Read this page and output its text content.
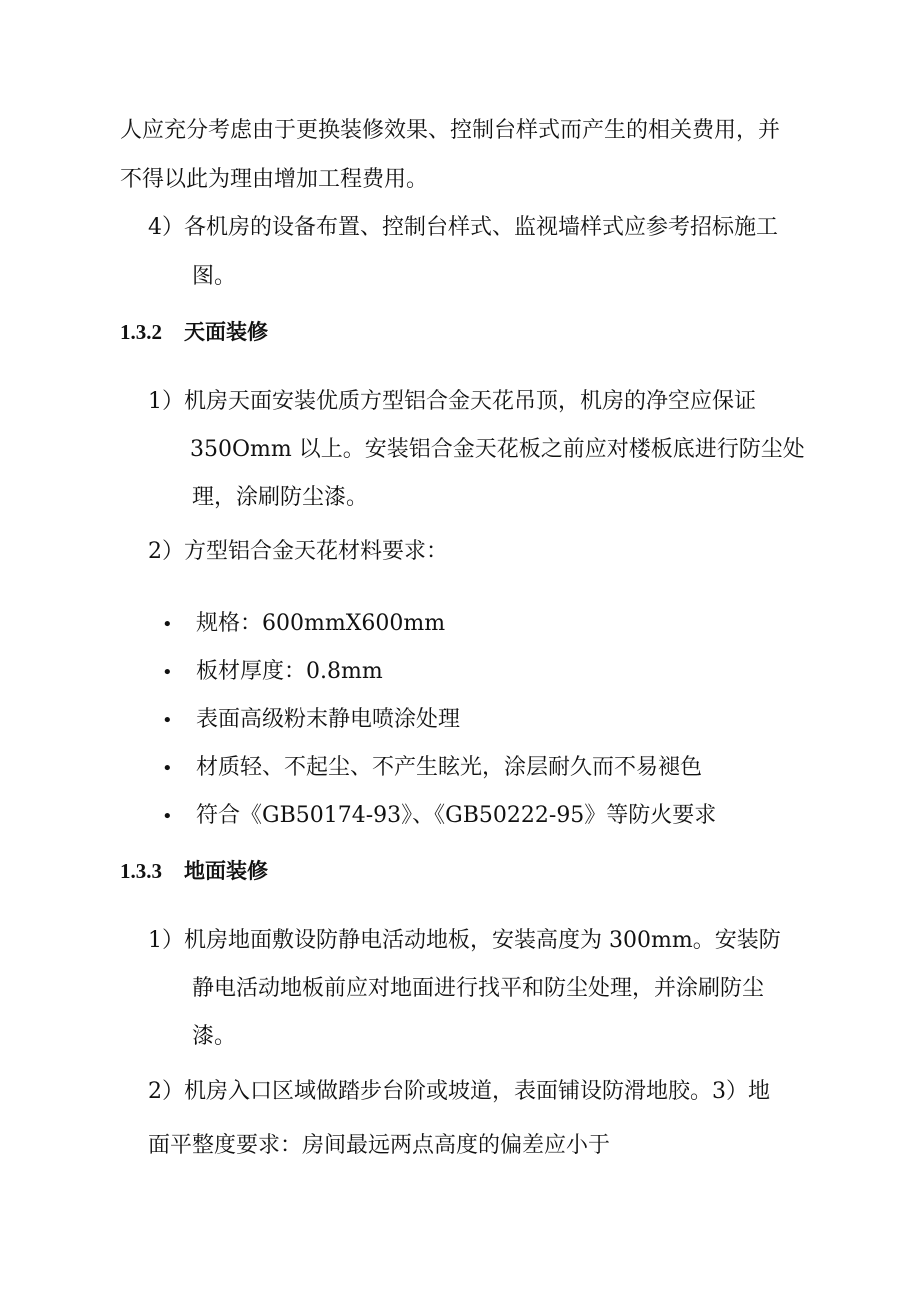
人应充分考虑由于更换装修效果、控制台样式而产生的相关费用，并
不得以此为理由增加工程费用。
4）各机房的设备布置、控制台样式、监视墙样式应参考招标施工
图。
1.3.2 天面装修
1）机房天面安装优质方型铝合金天花吊顶，机房的净空应保证
350Omm 以上。安装铝合金天花板之前应对楼板底进行防尘处
理，涂刷防尘漆。
2）方型铝合金天花材料要求：
• 规格：600mmX600mm
• 板材厚度：0.8mm
• 表面高级粉末静电喷涂处理
• 材质轻、不起尘、不产生眩光，涂层耐久而不易褪色
• 符合《GB50174-93》、《GB50222-95》等防火要求
1.3.3 地面装修
1）机房地面敷设防静电活动地板，安装高度为 300mm。安装防
静电活动地板前应对地面进行找平和防尘处理，并涂刷防尘
漆。
2）机房入口区域做踏步台阶或坡道，表面铺设防滑地胶。3）地
面平整度要求：房间最远两点高度的偏差应小于
